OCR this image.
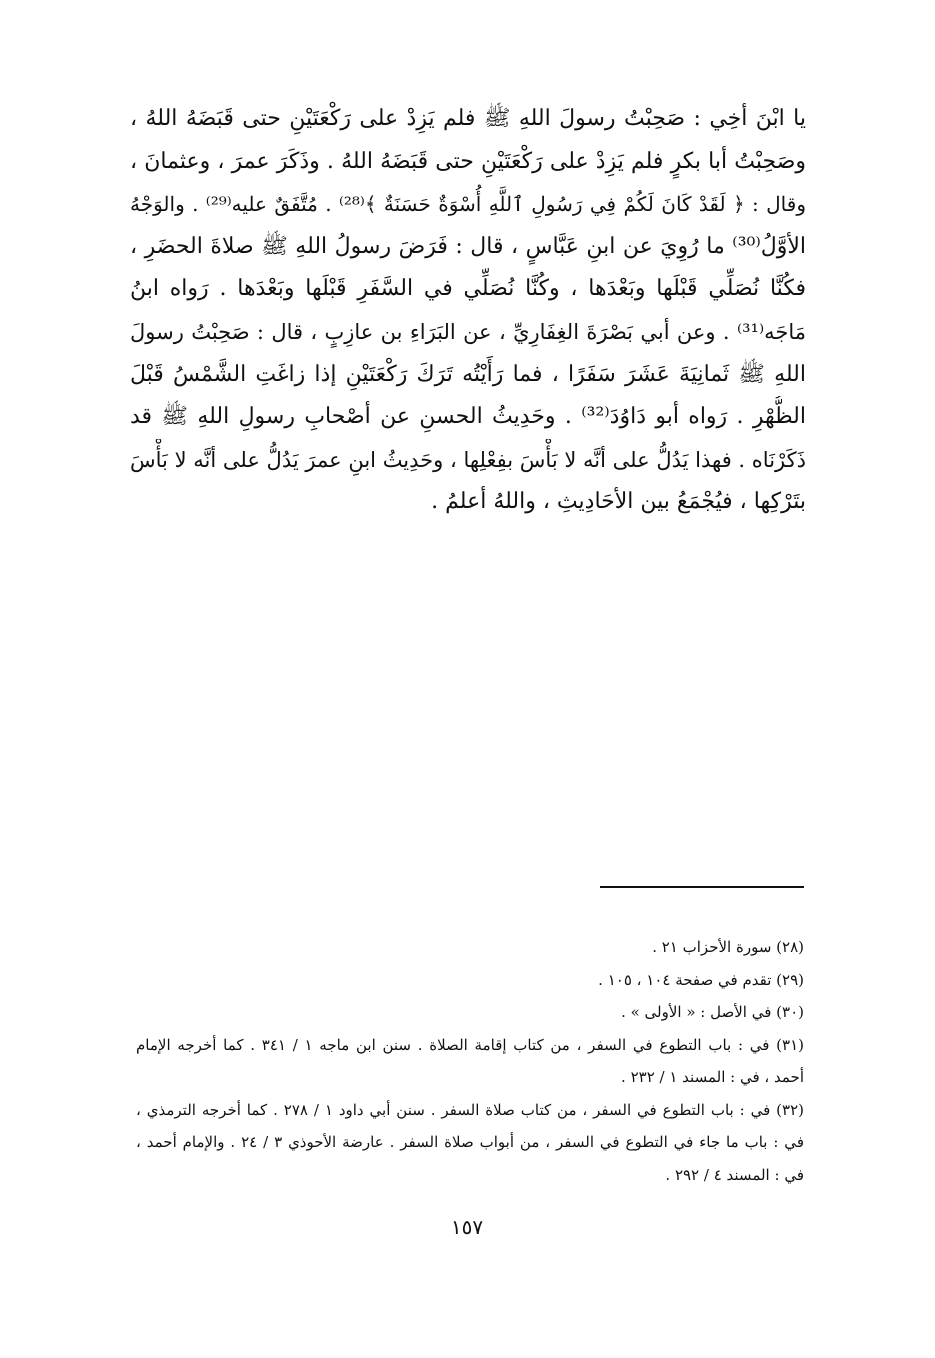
يا ابْنَ أخِي : صَحِبْتُ رسولَ اللهِ ﷺ فلم يَزِدْ على رَكْعَتَيْنِ حتى قَبَضَهُ اللهُ ،
وصَحِبْتُ أبا بكرٍ فلم يَزِدْ على رَكْعَتَيْنِ حتى قَبَضَهُ اللهُ . وذَكَرَ عمرَ ، وعثمانَ ،
وقال : ﴿ لَقَدْ كَانَ لَكُمْ فِي رَسُولِ ٱللَّهِ أُسْوَةٌ حَسَنَةٌ ﴾⁽²⁸⁾ . مُتَّفَقٌ عليه⁽²⁹⁾ . والوَجْهُ
الأوَّلُ⁽³⁰⁾ ما رُوِيَ عن ابنِ عَبَّاسٍ ، قال : فَرَضَ رسولُ اللهِ ﷺ صلاةَ الحضَرِ ،
فكُنَّا نُصَلِّي قَبْلَها وبَعْدَها ، وكُنَّا نُصَلِّي في السَّفَرِ قَبْلَها وبَعْدَها . رَواه ابنُ
مَاجَه⁽³¹⁾ . وعن أبي بَصْرَةَ الغِفَارِيِّ ، عن البَرَاءِ بن عازِبٍ ، قال : صَحِبْتُ رسولَ
اللهِ ﷺ ثَمانِيَةَ عَشَرَ سَفَرًا ، فما رَأَيْتُه تَرَكَ رَكْعَتَيْنِ إذا زاغَتِ الشَّمْسُ قَبْلَ
الظُّهْرِ . رَواه أبو دَاوُدَ⁽³²⁾ . وحَدِيثُ الحسنِ عن أصْحابِ رسولِ اللهِ ﷺ قد
ذَكَرْنَاه . فهذا يَدُلُّ على أنَّه لا بَأْسَ بفِعْلِها ، وحَدِيثُ ابنِ عمرَ يَدُلُّ على أنَّه لا بَأْسَ
بتَرْكِها ، فيُجْمَعُ بين الأحَادِيثِ ، واللهُ أعلمُ .
(٢٨) سورة الأحزاب ٢١ .
(٢٩) تقدم في صفحة ١٠٤ ، ١٠٥ .
(٣٠) في الأصل : « الأولى » .
(٣١) في : باب التطوع في السفر ، من كتاب إقامة الصلاة . سنن ابن ماجه ١ / ٣٤١ . كما أخرجه الإمام
أحمد ، في : المسند ١ / ٢٣٢ .
(٣٢) في : باب التطوع في السفر ، من كتاب صلاة السفر . سنن أبي داود ١ / ٢٧٨ . كما أخرجه الترمذي ،
في : باب ما جاء في التطوع في السفر ، من أبواب صلاة السفر . عارضة الأحوذي ٣ / ٢٤ . والإمام أحمد ،
في : المسند ٤ / ٢٩٢ .
١٥٧
